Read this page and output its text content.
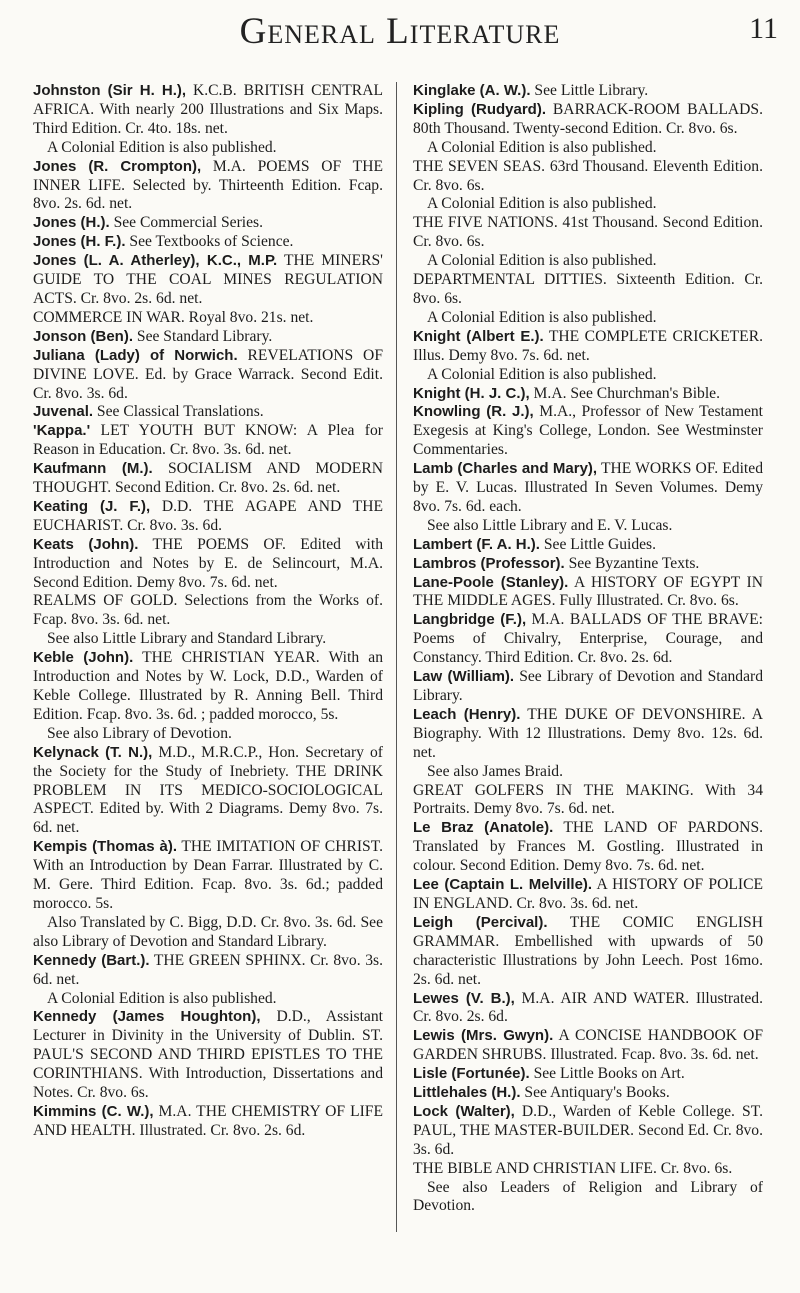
General Literature	11

Johnston (Sir H. H.), K.C.B. BRITISH CENTRAL AFRICA. With nearly 200 Illustrations and Six Maps. Third Edition. Cr. 4to. 18s. net.

A Colonial Edition is also published.

Jones (R. Crompton), M.A. POEMS OF THE INNER LIFE. Selected by. Thirteenth Edition. Fcap. 8vo. 2s. 6d. net.

Jones (H.). See Commercial Series.

Jones (H. F.). See Textbooks of Science.

Jones (L. A. Atherley), K.C., M.P. THE MINERS' GUIDE TO THE COAL MINES REGULATION ACTS. Cr. 8vo. 2s. 6d. net.

COMMERCE IN WAR. Royal 8vo. 21s. net.

Jonson (Ben). See Standard Library.

Juliana (Lady) of Norwich. REVELATIONS OF DIVINE LOVE. Ed. by Grace Warrack. Second Edit. Cr. 8vo. 3s. 6d.

Juvenal. See Classical Translations.

'Kappa.' LET YOUTH BUT KNOW: A Plea for Reason in Education. Cr. 8vo. 3s. 6d. net.

Kaufmann (M.). SOCIALISM AND MODERN THOUGHT. Second Edition. Cr. 8vo. 2s. 6d. net.

Keating (J. F.), D.D. THE AGAPE AND THE EUCHARIST. Cr. 8vo. 3s. 6d.

Keats (John). THE POEMS OF. Edited with Introduction and Notes by E. de Selincourt, M.A. Second Edition. Demy 8vo. 7s. 6d. net.

REALMS OF GOLD. Selections from the Works of. Fcap. 8vo. 3s. 6d. net.

See also Little Library and Standard Library.

Keble (John). THE CHRISTIAN YEAR. With an Introduction and Notes by W. Lock, D.D., Warden of Keble College. Illustrated by R. Anning Bell. Third Edition. Fcap. 8vo. 3s. 6d. ; padded morocco, 5s.

See also Library of Devotion.

Kelynack (T. N.), M.D., M.R.C.P., Hon. Secretary of the Society for the Study of Inebriety. THE DRINK PROBLEM IN ITS MEDICO-SOCIOLOGICAL ASPECT. Edited by. With 2 Diagrams. Demy 8vo. 7s. 6d. net.

Kempis (Thomas à). THE IMITATION OF CHRIST. With an Introduction by Dean Farrar. Illustrated by C. M. Gere. Third Edition. Fcap. 8vo. 3s. 6d.; padded morocco. 5s.

Also Translated by C. Bigg, D.D. Cr. 8vo. 3s. 6d. See also Library of Devotion and Standard Library.

Kennedy (Bart.). THE GREEN SPHINX. Cr. 8vo. 3s. 6d. net.

A Colonial Edition is also published.

Kennedy (James Houghton), D.D., Assistant Lecturer in Divinity in the University of Dublin. ST. PAUL'S SECOND AND THIRD EPISTLES TO THE CORINTHIANS. With Introduction, Dissertations and Notes. Cr. 8vo. 6s.

Kimmins (C. W.), M.A. THE CHEMISTRY OF LIFE AND HEALTH. Illustrated. Cr. 8vo. 2s. 6d.

Kinglake (A. W.). See Little Library.

Kipling (Rudyard). BARRACK-ROOM BALLADS. 80th Thousand. Twenty-second Edition. Cr. 8vo. 6s.

A Colonial Edition is also published.

THE SEVEN SEAS. 63rd Thousand. Eleventh Edition. Cr. 8vo. 6s.

A Colonial Edition is also published.

THE FIVE NATIONS. 41st Thousand. Second Edition. Cr. 8vo. 6s.

A Colonial Edition is also published.

DEPARTMENTAL DITTIES. Sixteenth Edition. Cr. 8vo. 6s.

A Colonial Edition is also published.

Knight (Albert E.). THE COMPLETE CRICKETER. Illus. Demy 8vo. 7s. 6d. net.

A Colonial Edition is also published.

Knight (H. J. C.), M.A. See Churchman's Bible.

Knowling (R. J.), M.A., Professor of New Testament Exegesis at King's College, London. See Westminster Commentaries.

Lamb (Charles and Mary), THE WORKS OF. Edited by E. V. Lucas. Illustrated In Seven Volumes. Demy 8vo. 7s. 6d. each.

See also Little Library and E. V. Lucas.

Lambert (F. A. H.). See Little Guides.

Lambros (Professor). See Byzantine Texts.

Lane-Poole (Stanley). A HISTORY OF EGYPT IN THE MIDDLE AGES. Fully Illustrated. Cr. 8vo. 6s.

Langbridge (F.), M.A. BALLADS OF THE BRAVE: Poems of Chivalry, Enterprise, Courage, and Constancy. Third Edition. Cr. 8vo. 2s. 6d.

Law (William). See Library of Devotion and Standard Library.

Leach (Henry). THE DUKE OF DEVONSHIRE. A Biography. With 12 Illustrations. Demy 8vo. 12s. 6d. net.

See also James Braid.

GREAT GOLFERS IN THE MAKING. With 34 Portraits. Demy 8vo. 7s. 6d. net.

Le Braz (Anatole). THE LAND OF PARDONS. Translated by Frances M. Gostling. Illustrated in colour. Second Edition. Demy 8vo. 7s. 6d. net.

Lee (Captain L. Melville). A HISTORY OF POLICE IN ENGLAND. Cr. 8vo. 3s. 6d. net.

Leigh (Percival). THE COMIC ENGLISH GRAMMAR. Embellished with upwards of 50 characteristic Illustrations by John Leech. Post 16mo. 2s. 6d. net.

Lewes (V. B.), M.A. AIR AND WATER. Illustrated. Cr. 8vo. 2s. 6d.

Lewis (Mrs. Gwyn). A CONCISE HANDBOOK OF GARDEN SHRUBS. Illustrated. Fcap. 8vo. 3s. 6d. net.

Lisle (Fortunée). See Little Books on Art.

Littlehales (H.). See Antiquary's Books.

Lock (Walter), D.D., Warden of Keble College. ST. PAUL, THE MASTER-BUILDER. Second Ed. Cr. 8vo. 3s. 6d.

THE BIBLE AND CHRISTIAN LIFE. Cr. 8vo. 6s.

See also Leaders of Religion and Library of Devotion.
